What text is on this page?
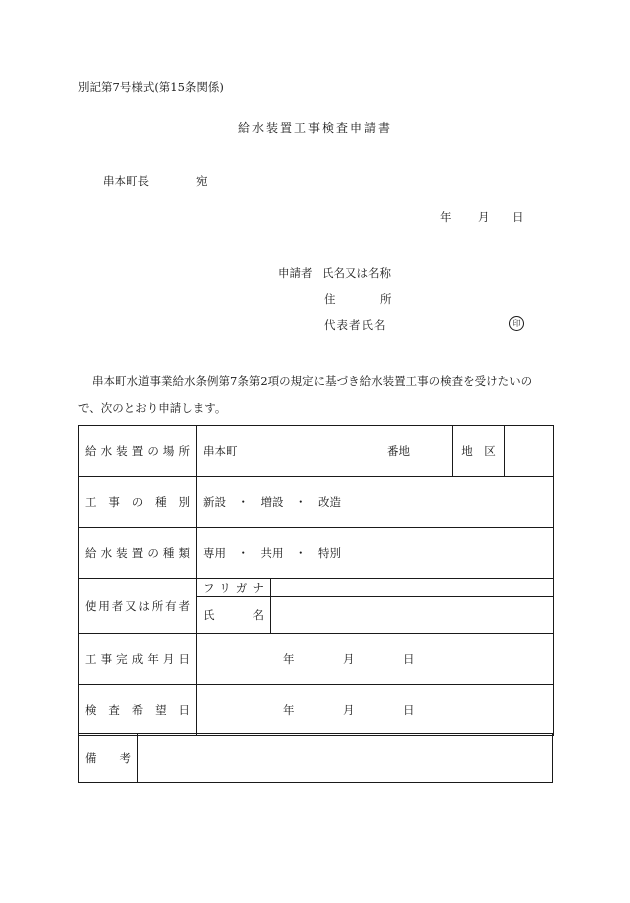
別記第7号様式(第15条関係)
給水装置工事検査申請書
串本町長	宛
年 月 日
申請者 氏名又は名称
住	所
代表者氏名	印
串本町水道事業給水条例第7条第2項の規定に基づき給水装置工事の検査を受けたいの
で、次のとおり申請します。
給水装置の場所	串本町 番地		地　区	
工事の種別	新設　・　増設　・　改造			
給水装置の種類	専用　・　共用　・　特別			
使用者又は所有者	フリガナ			
	氏　名			
工事完成年月日	年 月 日			

検査希望日	年 月 日			
備　考	
